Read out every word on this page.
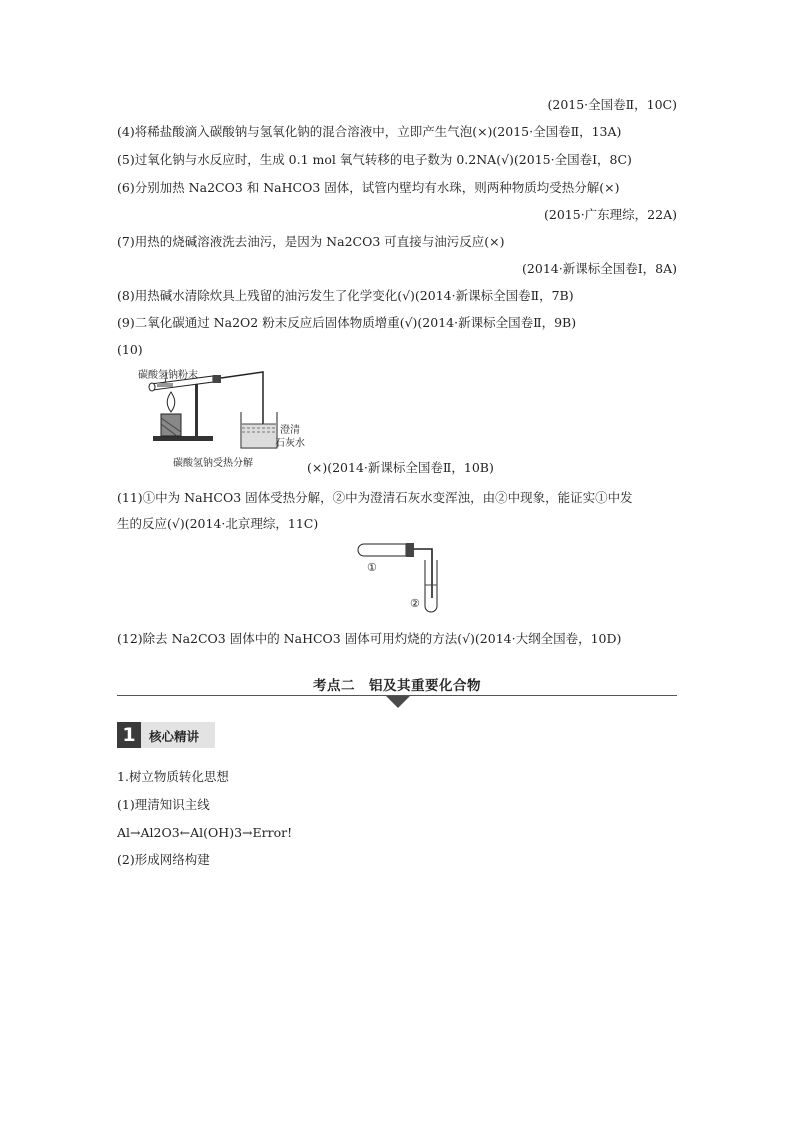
(2015·全国卷Ⅱ，10C)
(4)将稀盐酸滴入碳酸钠与氢氧化钠的混合溶液中，立即产生气泡(×)(2015·全国卷Ⅱ，13A)
(5)过氧化钠与水反应时，生成 0.1 mol 氧气转移的电子数为 0.2NA(√)(2015·全国卷Ⅰ，8C)
(6)分别加热 Na2CO3 和 NaHCO3 固体，试管内壁均有水珠，则两种物质均受热分解(×)
(2015·广东理综，22A)
(7)用热的烧碱溶液洗去油污，是因为 Na2CO3 可直接与油污反应(×)
(2014·新课标全国卷Ⅰ，8A)
(8)用热碱水清除炊具上残留的油污发生了化学变化(√)(2014·新课标全国卷Ⅱ，7B)
(9)二氧化碳通过 Na2O2 粉末反应后固体物质增重(√)(2014·新课标全国卷Ⅱ，9B)
(10)
碳酸氢钠粉末
澄清
石灰水
碳酸氢钠受热分解	(×)(2014·新课标全国卷Ⅱ，10B)
(11)①中为 NaHCO3 固体受热分解，②中为澄清石灰水变浑浊，由②中现象，能证实①中发
生的反应(√)(2014·北京理综，11C)
①
②
(12)除去 Na2CO3 固体中的 NaHCO3 固体可用灼烧的方法(√)(2014·大纲全国卷，10D)
考点二　铝及其重要化合物
1	核心精讲
1.树立物质转化思想
(1)理清知识主线
Al→Al2O3←Al(OH)3→Error!
(2)形成网络构建
